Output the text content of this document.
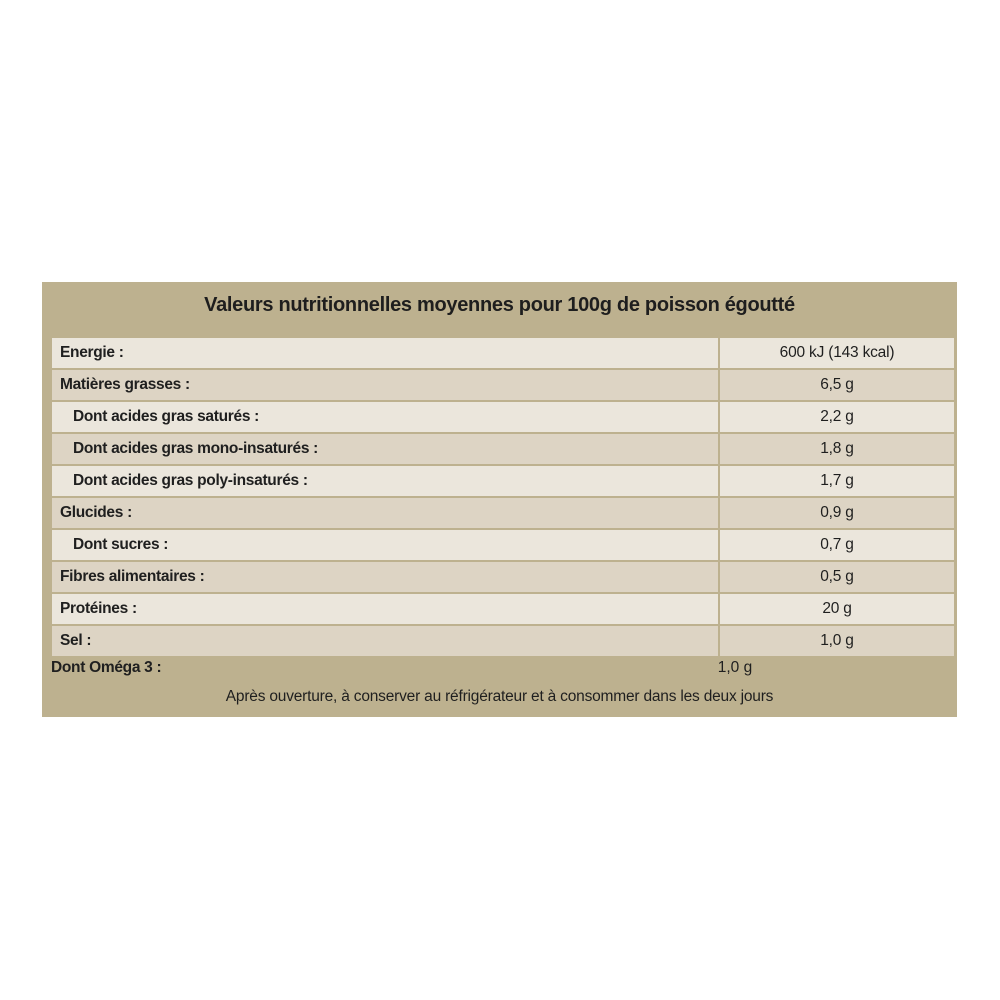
Valeurs nutritionnelles moyennes pour 100g de poisson égoutté
Energie :	600 kJ (143 kcal)
Matières grasses :	6,5 g
Dont acides gras saturés :	2,2 g
Dont acides gras mono-insaturés :	1,8 g
Dont acides gras poly-insaturés :	1,7 g
Glucides :	0,9 g
Dont sucres :	0,7 g
Fibres alimentaires :	0,5 g
Protéines :	20 g
Sel :	1,0 g
Dont Oméga 3 :	1,0 g
Après ouverture, à conserver au réfrigérateur et à consommer dans les deux jours
